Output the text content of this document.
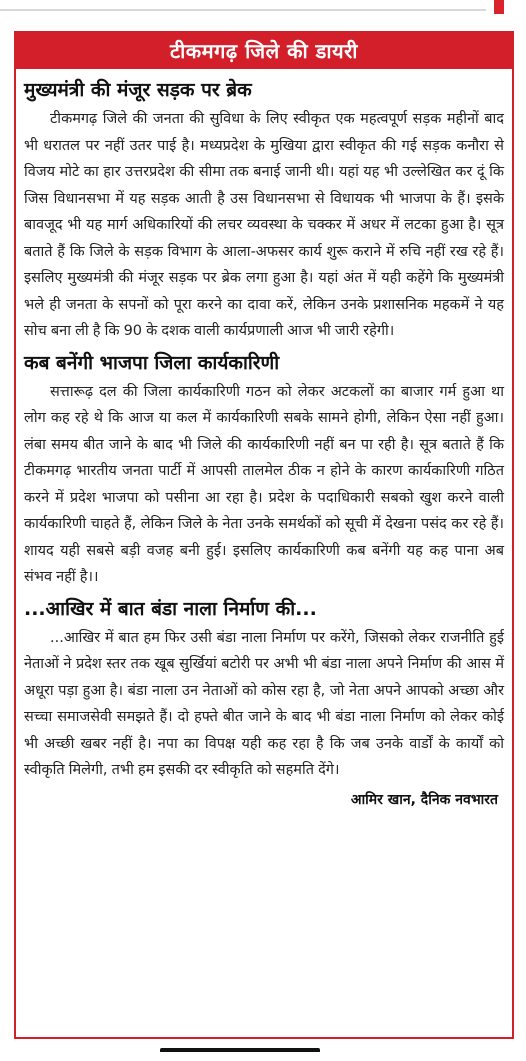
टीकमगढ़ जिले की डायरी
मुख्यमंत्री की मंजूर सड़क पर ब्रेक

टीकमगढ़ जिले की जनता की सुविधा के लिए स्वीकृत एक महत्वपूर्ण सड़क महीनों बाद भी धरातल पर नहीं उतर पाई है। मध्यप्रदेश के मुखिया द्वारा स्वीकृत की गई सड़क कनौरा से विजय मोटे का हार उत्तरप्रदेश की सीमा तक बनाई जानी थी। यहां यह भी उल्लेखित कर दूं कि जिस विधानसभा में यह सड़क आती है उस विधानसभा से विधायक भी भाजपा के हैं। इसके बावजूद भी यह मार्ग अधिकारियों की लचर व्यवस्था के चक्कर में अधर में लटका हुआ है। सूत्र बताते हैं कि जिले के सड़क विभाग के आला-अफसर कार्य शुरू कराने में रुचि नहीं रख रहे हैं। इसलिए मुख्यमंत्री की मंजूर सड़क पर ब्रेक लगा हुआ है। यहां अंत में यही कहेंगे कि मुख्यमंत्री भले ही जनता के सपनों को पूरा करने का दावा करें, लेकिन उनके प्रशासनिक महकमें ने यह सोच बना ली है कि 90 के दशक वाली कार्यप्रणाली आज भी जारी रहेगी।

कब बनेंगी भाजपा जिला कार्यकारिणी

सत्तारूढ़ दल की जिला कार्यकारिणी गठन को लेकर अटकलों का बाजार गर्म हुआ था लोग कह रहे थे कि आज या कल में कार्यकारिणी सबके सामने होगी, लेकिन ऐसा नहीं हुआ। लंबा समय बीत जाने के बाद भी जिले की कार्यकारिणी नहीं बन पा रही है। सूत्र बताते हैं कि टीकमगढ़ भारतीय जनता पार्टी में आपसी तालमेल ठीक न होने के कारण कार्यकारिणी गठित करने में प्रदेश भाजपा को पसीना आ रहा है। प्रदेश के पदाधिकारी सबको खुश करने वाली कार्यकारिणी चाहते हैं, लेकिन जिले के नेता उनके समर्थकों को सूची में देखना पसंद कर रहे हैं। शायद यही सबसे बड़ी वजह बनी हुई। इसलिए कार्यकारिणी कब बनेंगी यह कह पाना अब संभव नहीं है।।

...आखिर में बात बंडा नाला निर्माण की...

...आखिर में बात हम फिर उसी बंडा नाला निर्माण पर करेंगे, जिसको लेकर राजनीति हुई नेताओं ने प्रदेश स्तर तक खूब सुर्खियां बटोरी पर अभी भी बंडा नाला अपने निर्माण की आस में अधूरा पड़ा हुआ है। बंडा नाला उन नेताओं को कोस रहा है, जो नेता अपने आपको अच्छा और सच्चा समाजसेवी समझते हैं। दो हफ्ते बीत जाने के बाद भी बंडा नाला निर्माण को लेकर कोई भी अच्छी खबर नहीं है। नपा का विपक्ष यही कह रहा है कि जब उनके वार्डों के कार्यों को स्वीकृति मिलेगी, तभी हम इसकी दर स्वीकृति को सहमति देंगे।

आमिर खान, दैनिक नवभारत
